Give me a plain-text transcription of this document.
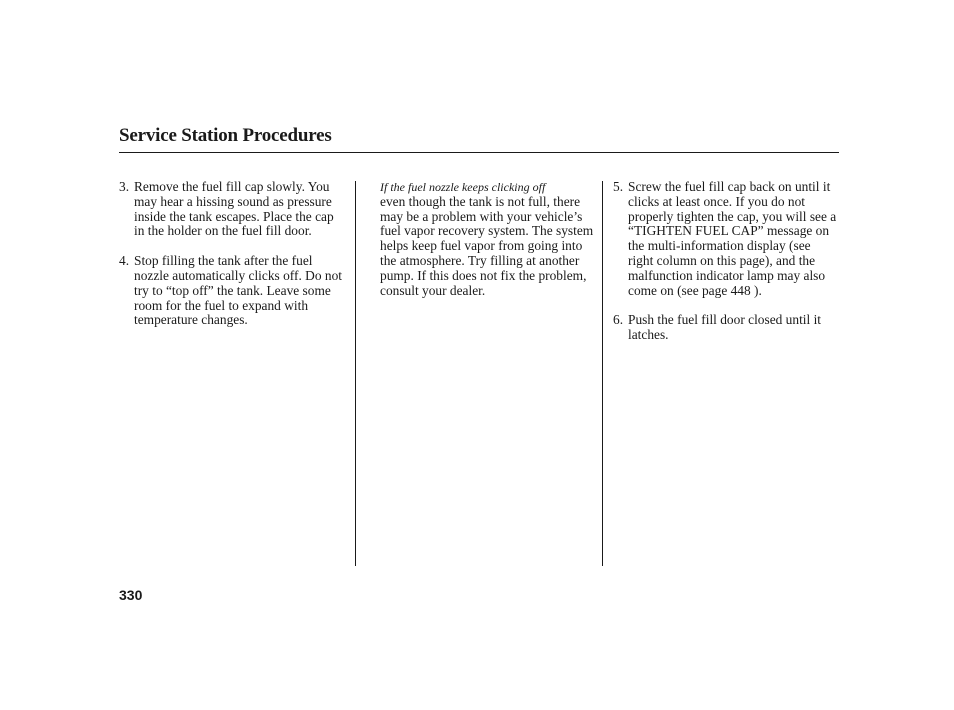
Service Station Procedures
3. Remove the fuel fill cap slowly. You may hear a hissing sound as pressure inside the tank escapes. Place the cap in the holder on the fuel fill door.
4. Stop filling the tank after the fuel nozzle automatically clicks off. Do not try to “top off” the tank. Leave some room for the fuel to expand with temperature changes.
If the fuel nozzle keeps clicking off
even though the tank is not full, there may be a problem with your vehicle’s fuel vapor recovery system. The system helps keep fuel vapor from going into the atmosphere. Try filling at another pump. If this does not fix the problem, consult your dealer.
5. Screw the fuel fill cap back on until it clicks at least once. If you do not properly tighten the cap, you will see a “TIGHTEN FUEL CAP” message on the multi-information display (see right column on this page), and the malfunction indicator lamp may also come on (see page 448 ).
6. Push the fuel fill door closed until it latches.
330
